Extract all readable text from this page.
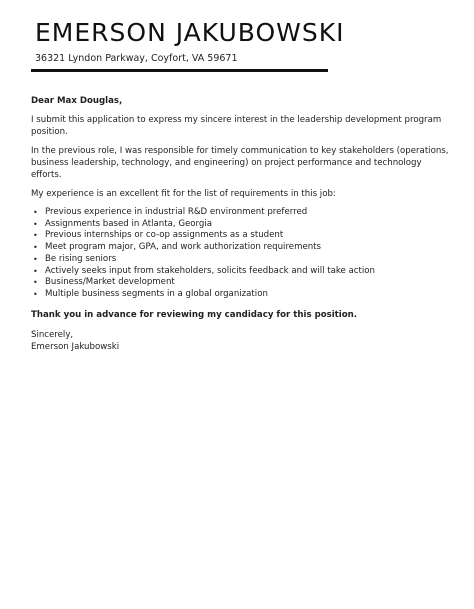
EMERSON JAKUBOWSKI
36321 Lyndon Parkway, Coyfort, VA 59671

Dear Max Douglas,

I submit this application to express my sincere interest in the leadership development program position.

In the previous role, I was responsible for timely communication to key stakeholders (operations, business leadership, technology, and engineering) on project performance and technology efforts.

My experience is an excellent fit for the list of requirements in this job:

• Previous experience in industrial R&D environment preferred
• Assignments based in Atlanta, Georgia
• Previous internships or co-op assignments as a student
• Meet program major, GPA, and work authorization requirements
• Be rising seniors
• Actively seeks input from stakeholders, solicits feedback and will take action
• Business/Market development
• Multiple business segments in a global organization

Thank you in advance for reviewing my candidacy for this position.

Sincerely,

Emerson Jakubowski
